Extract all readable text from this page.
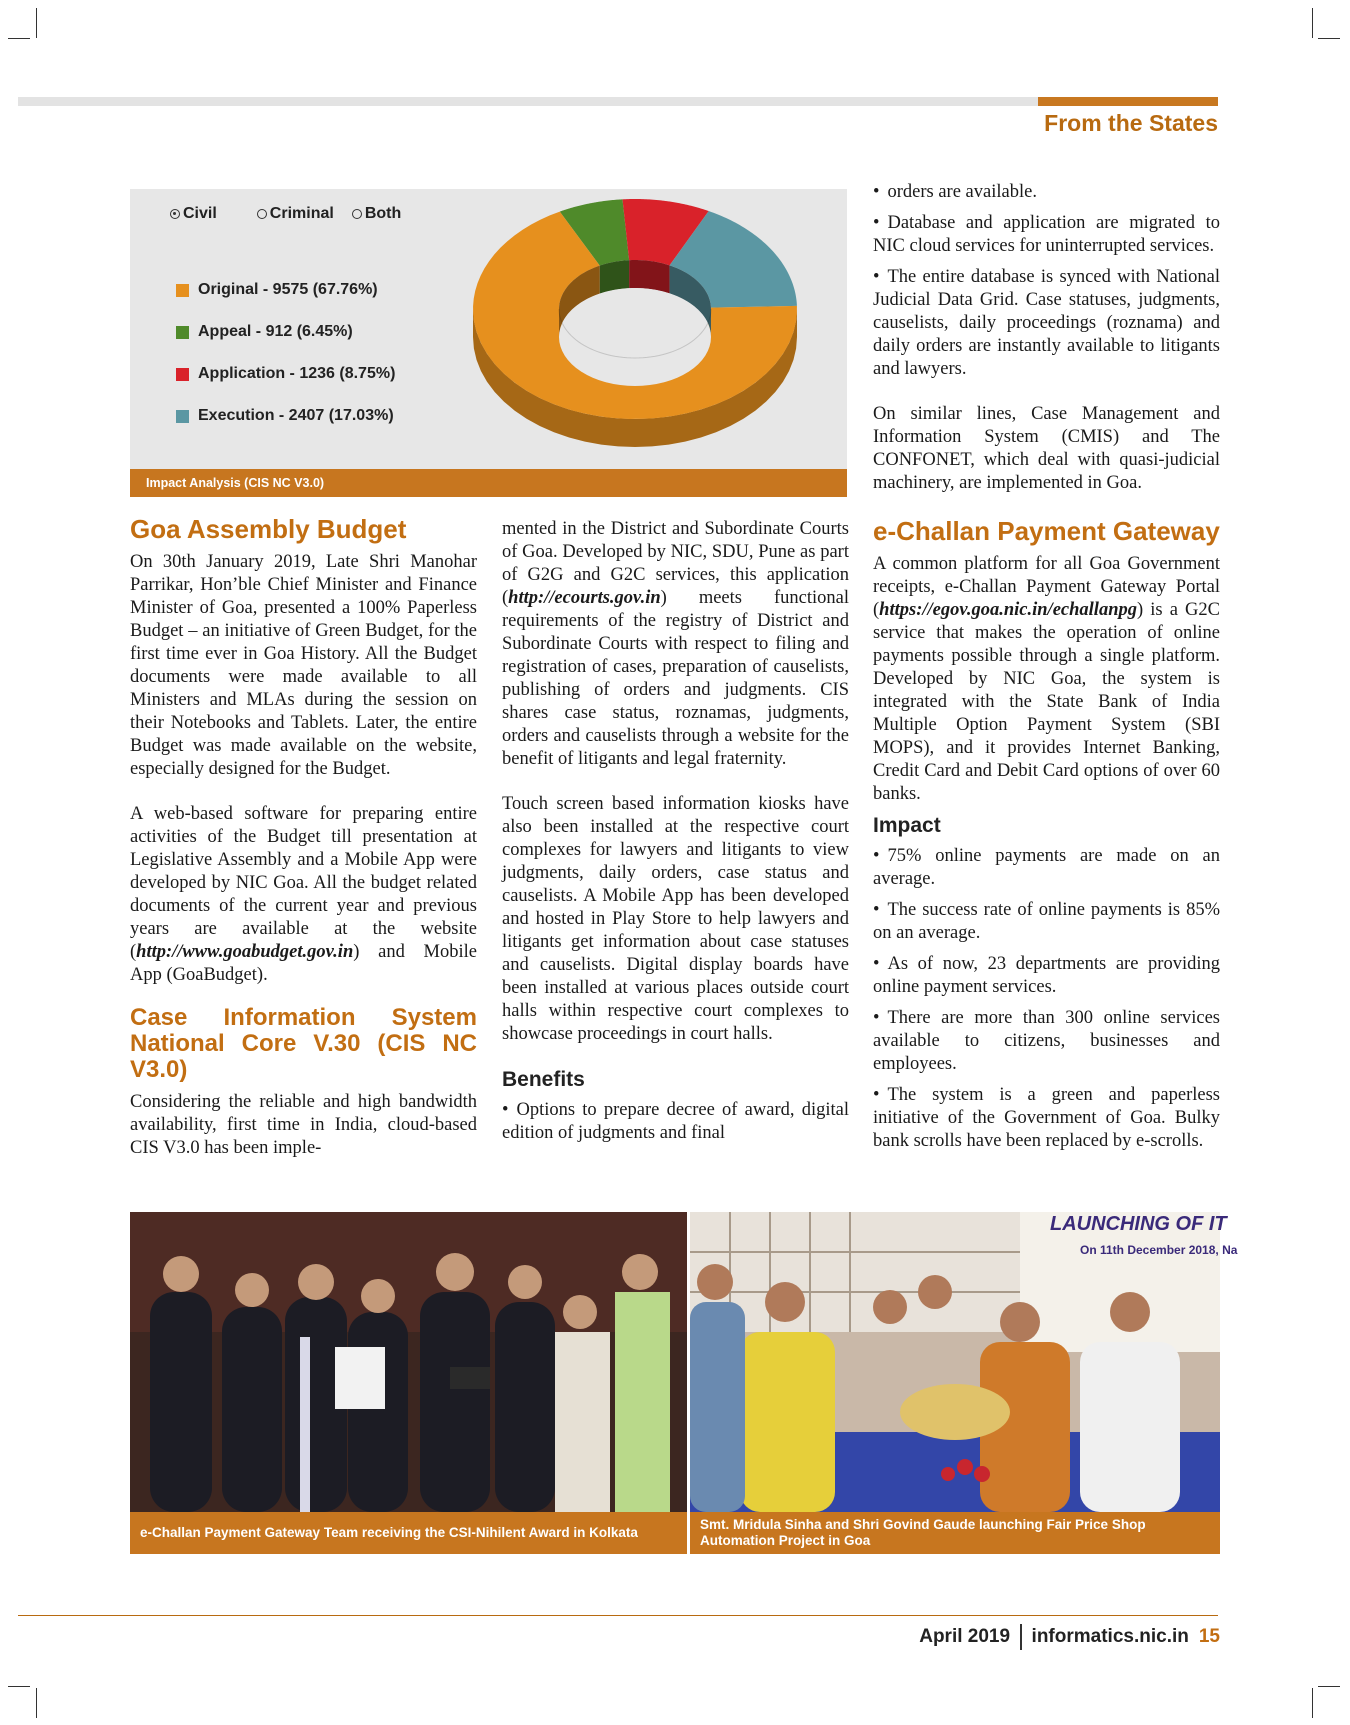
From the States
Civil	Criminal Both
Original - 9575 (67.76%)
Appeal - 912 (6.45%)
Application - 1236 (8.75%)
Execution - 2407 (17.03%)
Impact Analysis (CIS NC V3.0)
Goa Assembly Budget

On 30th January 2019, Late Shri Manohar Parrikar, Hon’ble Chief Minister and Finance Minister of Goa, presented a 100% Paperless Budget – an initiative of Green Budget, for the first time ever in Goa History. All the Budget documents were made available to all Ministers and MLAs during the session on their Notebooks and Tablets. Later, the entire Budget was made available on the website, especially designed for the Budget.

A web-based software for preparing entire activities of the Budget till presentation at Legislative Assembly and a Mobile App were developed by NIC Goa. All the budget related documents of the current year and previous years are available at the website (http://www.goabudget.gov.in) and Mobile App (GoaBudget).

Case Information System National Core V.30 (CIS NC V3.0)

Considering the reliable and high bandwidth availability, first time in India, cloud-based CIS V3.0 has been imple-

mented in the District and Subordinate Courts of Goa. Developed by NIC, SDU, Pune as part of G2G and G2C services, this application (http://ecourts.gov.in) meets functional requirements of the registry of District and Subordinate Courts with respect to filing and registration of cases, preparation of causelists, publishing of orders and judgments. CIS shares case status, roznamas, judgments, orders and causelists through a website for the benefit of litigants and legal fraternity.

Touch screen based information kiosks have also been installed at the respective court complexes for lawyers and litigants to view judgments, daily orders, case status and causelists. A Mobile App has been developed and hosted in Play Store to help lawyers and litigants get information about case statuses and causelists. Digital display boards have been installed at various places outside court halls within respective court complexes to showcase proceedings in court halls.

Benefits

• Options to prepare decree of award, digital edition of judgments and final

• orders are available.

• Database and application are migrated to NIC cloud services for uninterrupted services.

• The entire database is synced with National Judicial Data Grid. Case statuses, judgments, causelists, daily proceedings (roznama) and daily orders are instantly available to litigants and lawyers.

On similar lines, Case Management and Information System (CMIS) and The CONFONET, which deal with quasi-judicial machinery, are implemented in Goa.

e-Challan Payment Gateway

A common platform for all Goa Government receipts, e-Challan Payment Gateway Portal (https://egov.goa.nic.in/echallanpg) is a G2C service that makes the operation of online payments possible through a single platform. Developed by NIC Goa, the system is integrated with the State Bank of India Multiple Option Payment System (SBI MOPS), and it provides Internet Banking, Credit Card and Debit Card options of over 60 banks.

Impact

• 75% online payments are made on an average.

• The success rate of online payments is 85% on an average.

• As of now, 23 departments are providing online payment services.

• There are more than 300 online services available to citizens, businesses and employees.

• The system is a green and paperless initiative of the Government of Goa. Bulky bank scrolls have been replaced by e-scrolls.

LAUNCHING OF IT
On 11th December 2018, Na
e-Challan Payment Gateway Team receiving the CSI-Nihilent Award in Kolkata
Smt. Mridula Sinha and Shri Govind Gaude launching Fair Price Shop Automation Project in Goa
April 2019 informatics.nic.in 15
